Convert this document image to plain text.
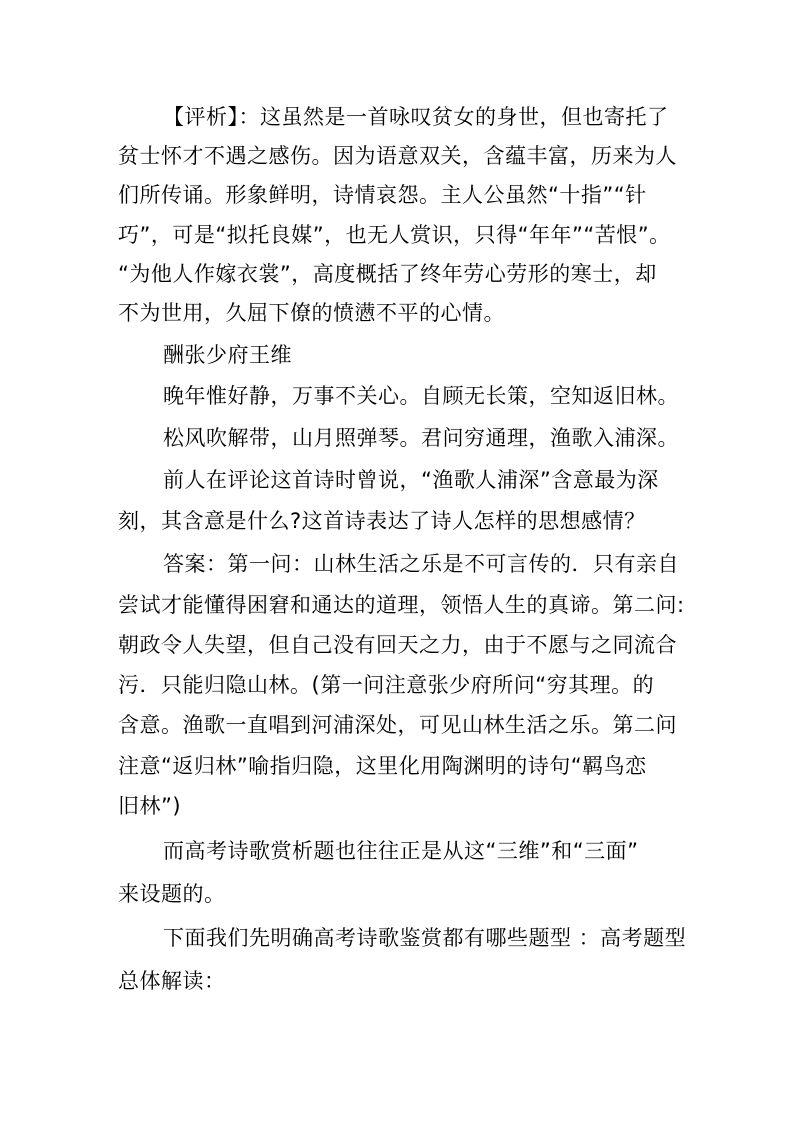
【评析】：这虽然是一首咏叹贫女的身世，但也寄托了
贫士怀才不遇之感伤。因为语意双关，含蕴丰富，历来为人
们所传诵。形象鲜明，诗情哀怨。主人公虽然“十指”“针
巧”，可是“拟托良媒”，也无人赏识，只得“年年”“苦恨”。
“为他人作嫁衣裳”，高度概括了终年劳心劳形的寒士，却
不为世用，久屈下僚的愤懑不平的心情。
酬张少府王维
晚年惟好静，万事不关心。自顾无长策，空知返旧林。
松风吹解带，山月照弹琴。君问穷通理，渔歌入浦深。
前人在评论这首诗时曾说，“渔歌人浦深”含意最为深
刻，其含意是什么?这首诗表达了诗人怎样的思想感情？
答案：第一问：山林生活之乐是不可言传的．只有亲自
尝试才能懂得困窘和通达的道理，领悟人生的真谛。第二问:
朝政令人失望，但自己没有回天之力，由于不愿与之同流合
污．只能归隐山林。(第一问注意张少府所问“穷其理。的
含意。渔歌一直唱到河浦深处，可见山林生活之乐。第二问
注意“返归林”喻指归隐，这里化用陶渊明的诗句“羁鸟恋
旧林”)
而高考诗歌赏析题也往往正是从这“三维”和“三面”
来设题的。
下面我们先明确高考诗歌鉴赏都有哪些题型 ：高考题型
总体解读：
